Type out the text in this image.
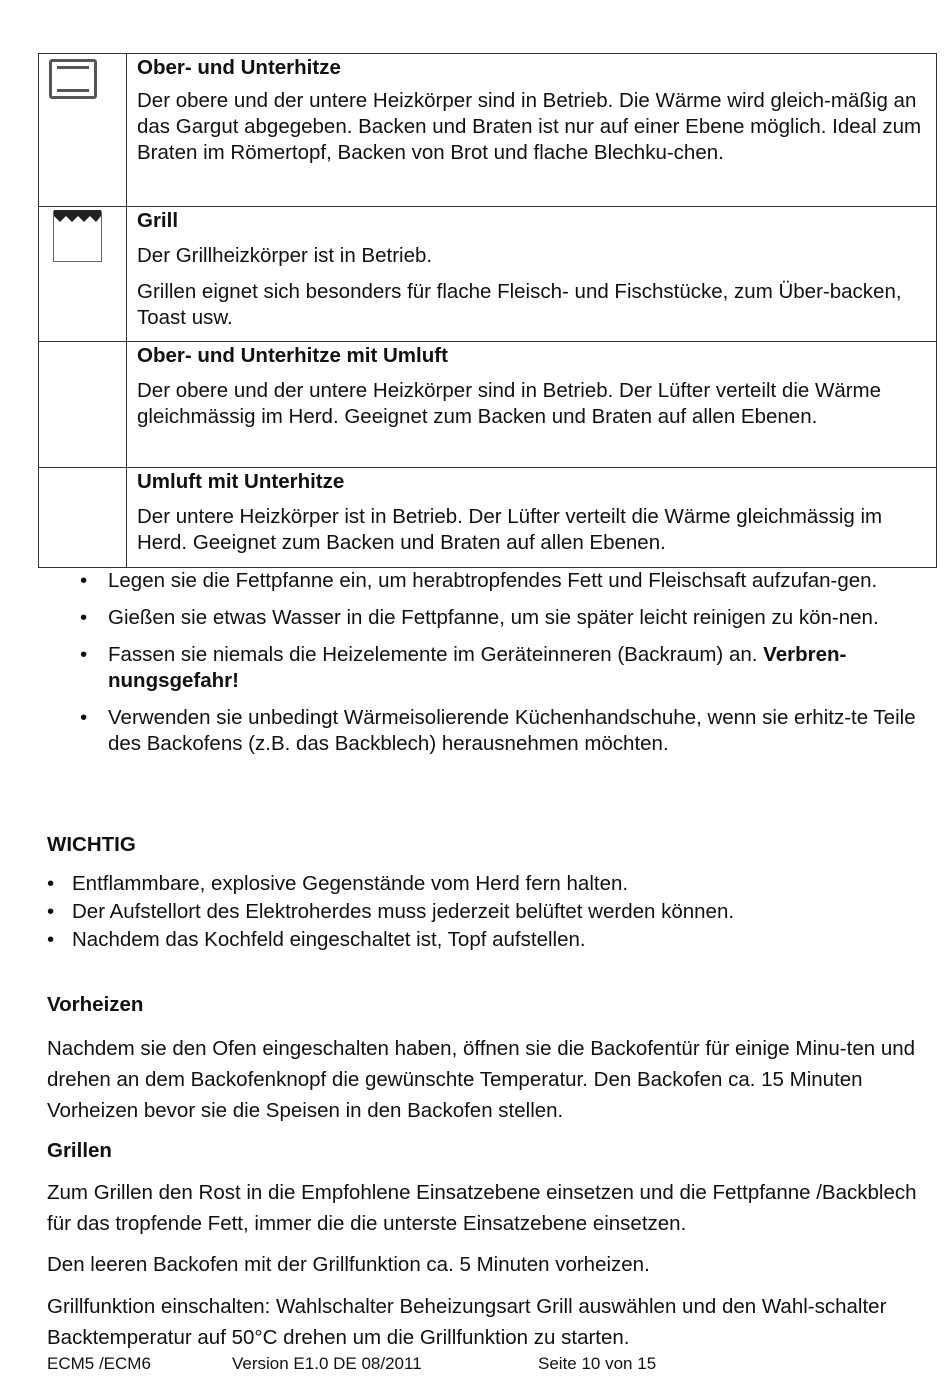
	Ober- und Unterhitze

Der obere und der untere Heizkörper sind in Betrieb. Die Wärme wird gleich-mäßig an das Gargut abgegeben. Backen und Braten ist nur auf einer Ebene möglich. Ideal zum Braten im Römertopf, Backen von Brot und flache Blechku-chen.

Grill

Der Grillheizkörper ist in Betrieb.

Grillen eignet sich besonders für flache Fleisch- und Fischstücke, zum Über-backen, Toast usw.

	Ober- und Unterhitze mit Umluft

Der obere und der untere Heizkörper sind in Betrieb. Der Lüfter verteilt die Wärme gleichmässig im Herd. Geeignet zum Backen und Braten auf allen Ebenen.

	Umluft mit Unterhitze

Der untere Heizkörper ist in Betrieb. Der Lüfter verteilt die Wärme gleichmässig im Herd. Geeignet zum Backen und Braten auf allen Ebenen.

• Legen sie die Fettpfanne ein, um herabtropfendes Fett und Fleischsaft aufzufan-gen.
• Gießen sie etwas Wasser in die Fettpfanne, um sie später leicht reinigen zu kön-nen.
• Fassen sie niemals die Heizelemente im Geräteinneren (Backraum) an. Verbren-nungsgefahr!
• Verwenden sie unbedingt Wärmeisolierende Küchenhandschuhe, wenn sie erhitz-te Teile des Backofens (z.B. das Backblech) herausnehmen möchten.
WICHTIG
• Entflammbare, explosive Gegenstände vom Herd fern halten.
• Der Aufstellort des Elektroherdes muss jederzeit belüftet werden können.
• Nachdem das Kochfeld eingeschaltet ist, Topf aufstellen.
Vorheizen
Nachdem sie den Ofen eingeschalten haben, öffnen sie die Backofentür für einige Minu-ten und drehen an dem Backofenknopf die gewünschte Temperatur. Den Backofen ca. 15 Minuten Vorheizen bevor sie die Speisen in den Backofen stellen.
Grillen
Zum Grillen den Rost in die Empfohlene Einsatzebene einsetzen und die Fettpfanne /Backblech für das tropfende Fett, immer die die unterste Einsatzebene einsetzen.
Den leeren Backofen mit der Grillfunktion ca. 5 Minuten vorheizen.
Grillfunktion einschalten: Wahlschalter Beheizungsart Grill auswählen und den Wahl-schalter Backtemperatur auf 50°C drehen um die Grillfunktion zu starten.
ECM5 /ECM6	Version E1.0 DE 08/2011	Seite 10 von 15
